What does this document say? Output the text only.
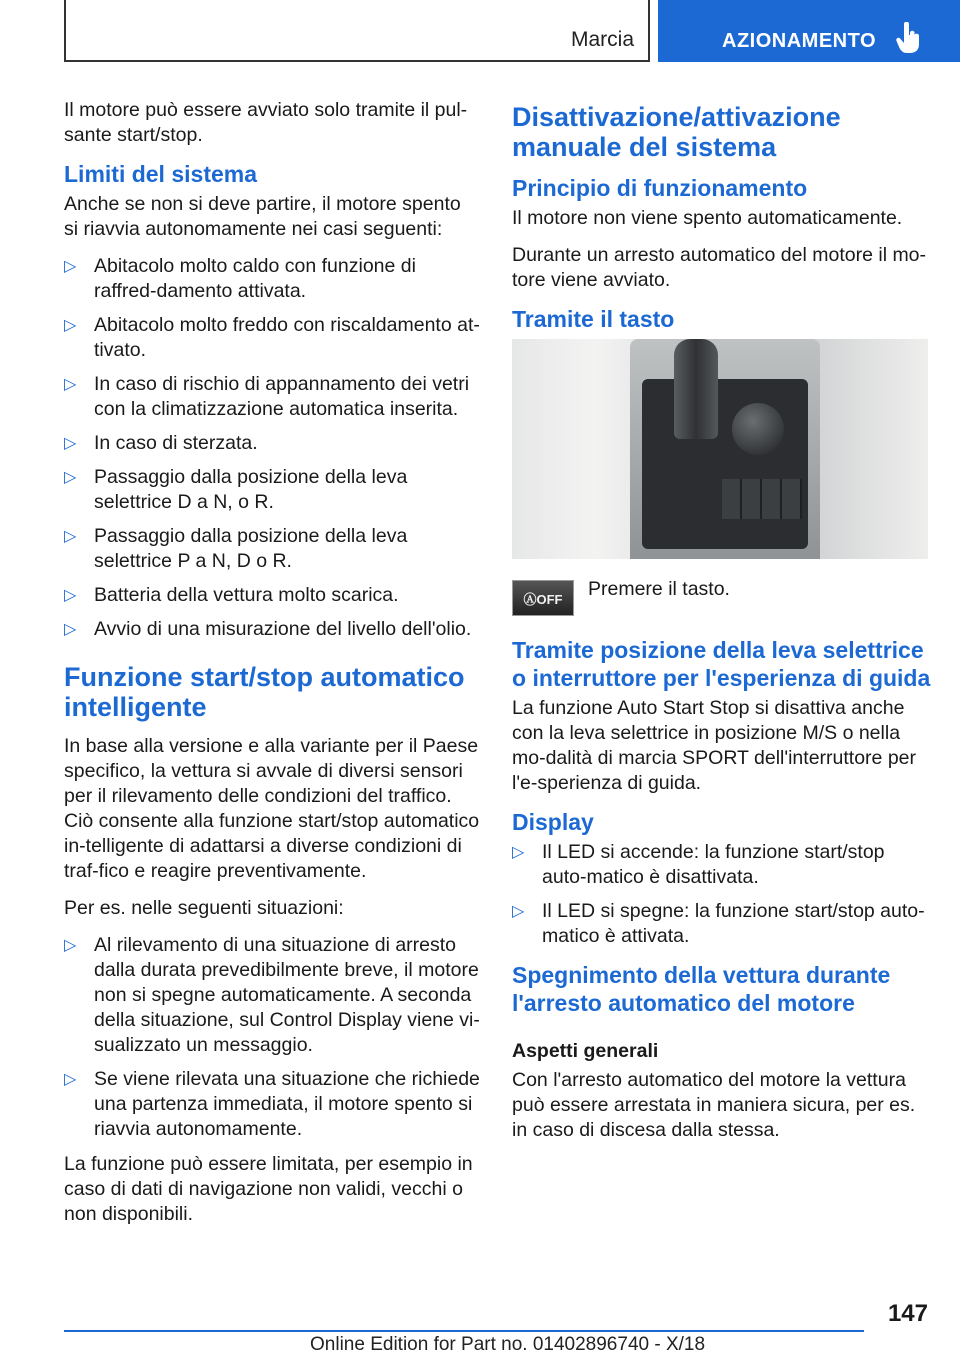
Marcia	AZIONAMENTO

Il motore può essere avviato solo tramite il pul-sante start/stop.

Limiti del sistema

Anche se non si deve partire, il motore spento si riavvia autonomamente nei casi seguenti:

▷ Abitacolo molto caldo con funzione di raffred-damento attivata.
▷ Abitacolo molto freddo con riscaldamento at-tivato.
▷ In caso di rischio di appannamento dei vetri con la climatizzazione automatica inserita.
▷ In caso di sterzata.
▷ Passaggio dalla posizione della leva selettrice D a N, o R.
▷ Passaggio dalla posizione della leva selettrice P a N, D o R.
▷ Batteria della vettura molto scarica.
▷ Avvio di una misurazione del livello dell'olio.
Funzione start/stop automatico intelligente

In base alla versione e alla variante per il Paese specifico, la vettura si avvale di diversi sensori per il rilevamento delle condizioni del traffico. Ciò consente alla funzione start/stop automatico in-telligente di adattarsi a diverse condizioni di traf-fico e reagire preventivamente.

Per es. nelle seguenti situazioni:

▷ Al rilevamento di una situazione di arresto dalla durata prevedibilmente breve, il motore non si spegne automaticamente. A seconda della situazione, sul Control Display viene vi-sualizzato un messaggio.
▷ Se viene rilevata una situazione che richiede una partenza immediata, il motore spento si riavvia autonomamente.

La funzione può essere limitata, per esempio in caso di dati di navigazione non validi, vecchi o non disponibili.

Disattivazione/attivazione manuale del sistema
Principio di funzionamento

Il motore non viene spento automaticamente.

Durante un arresto automatico del motore il mo-tore viene avviato.

Tramite il tasto
ⒶOFF	Premere il tasto.

Tramite posizione della leva selettrice o interruttore per l'esperienza di guida

La funzione Auto Start Stop si disattiva anche con la leva selettrice in posizione M/S o nella mo-dalità di marcia SPORT dell'interruttore per l'e-sperienza di guida.

Display
▷ Il LED si accende: la funzione start/stop auto-matico è disattivata.
▷ Il LED si spegne: la funzione start/stop auto-matico è attivata.
Spegnimento della vettura durante l'arresto automatico del motore
Aspetti generali

Con l'arresto automatico del motore la vettura può essere arrestata in maniera sicura, per es. in caso di discesa dalla stessa.

147
Online Edition for Part no. 01402896740 - X/18
